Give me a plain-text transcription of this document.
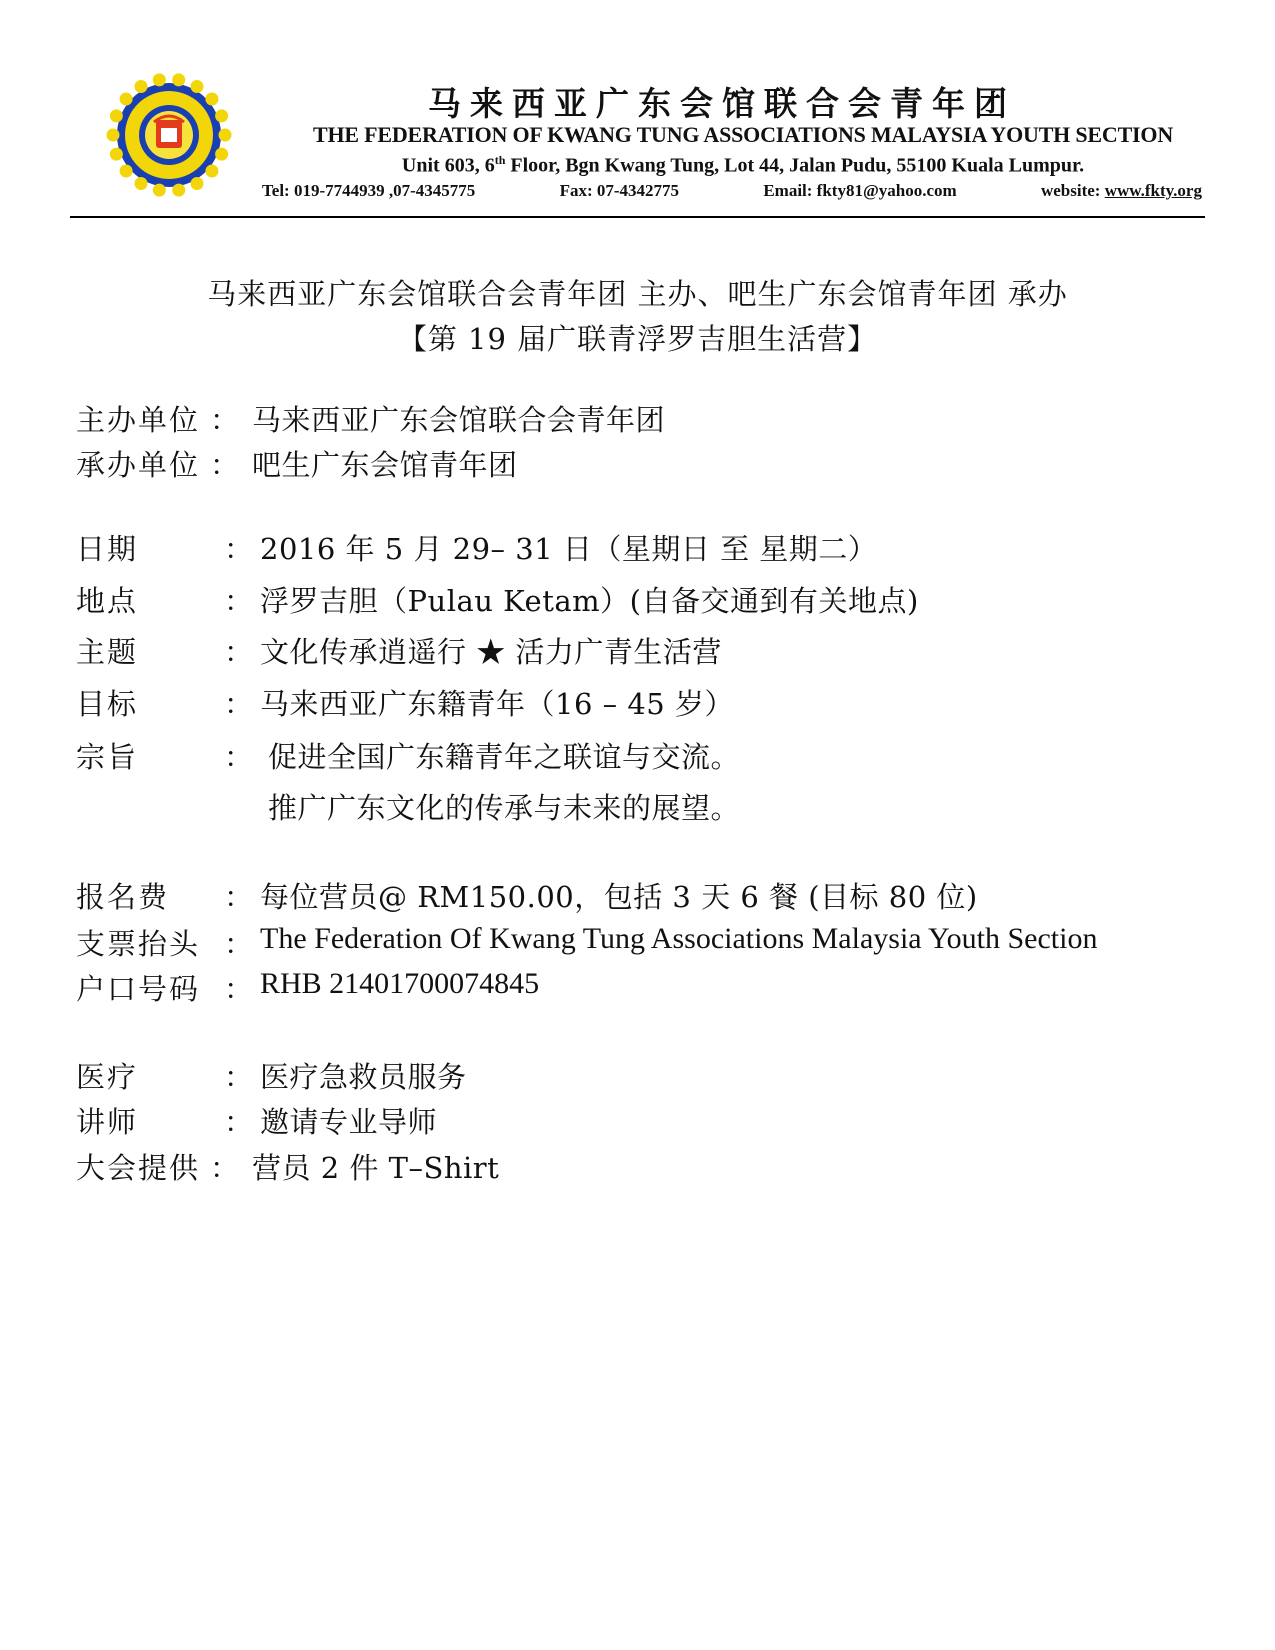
马来西亚广东会馆联合会青年团
THE FEDERATION OF KWANG TUNG ASSOCIATIONS MALAYSIA YOUTH SECTION
Unit 603, 6th Floor, Bgn Kwang Tung, Lot 44, Jalan Pudu, 55100 Kuala Lumpur.
Tel: 019-7744939 ,07-4345775	Fax: 07-4342775	Email: fkty81@yahoo.com	website: www.fkty.org
马来西亚广东会馆联合会青年团 主办、吧生广东会馆青年团 承办
【第 19 届广联青浮罗吉胆生活营】
主办单位 ： 马来西亚广东会馆联合会青年团
承办单位 ： 吧生广东会馆青年团
日期	： 2016 年 5 月 29– 31 日（星期日 至 星期二）
地点	： 浮罗吉胆（Pulau Ketam）(自备交通到有关地点)
主题	： 文化传承逍遥行 ★ 活力广青生活营
目标	： 马来西亚广东籍青年（16 – 45 岁）
宗旨	： 促进全国广东籍青年之联谊与交流。
推广广东文化的传承与未来的展望。
报名费 ： 每位营员@ RM150.00，包括 3 天 6 餐 (目标 80 位)
支票抬头 ： The Federation Of Kwang Tung Associations Malaysia Youth Section
户口号码 ： RHB 21401700074845
医疗	： 医疗急救员服务
讲师	： 邀请专业导师
大会提供 ： 营员 2 件 T–Shirt
